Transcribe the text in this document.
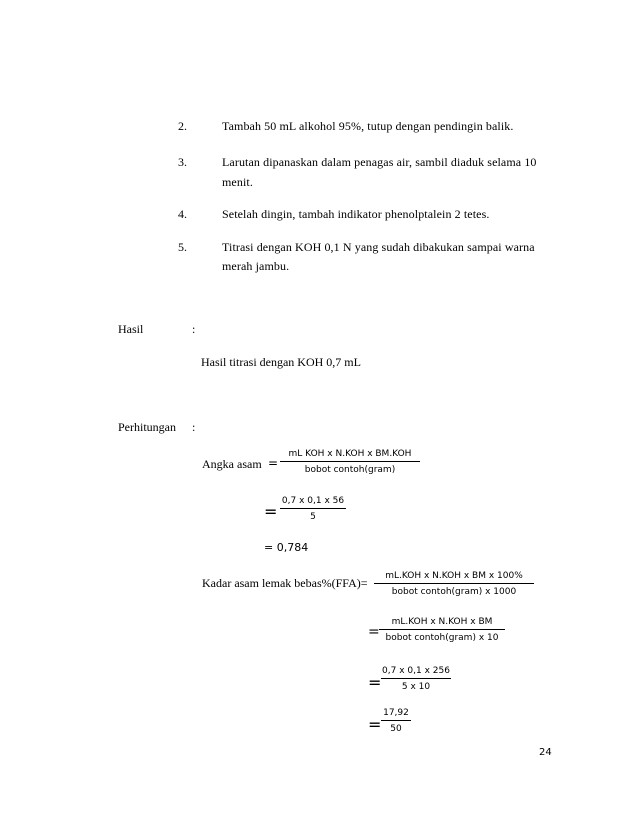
2.	Tambah 50 mL alkohol 95%, tutup dengan pendingin balik.
3.	Larutan dipanaskan dalam penagas air, sambil diaduk selama 10
menit.
4.	Setelah dingin, tambah indikator phenolptalein 2 tetes.
5.	Titrasi dengan KOH 0,1 N yang sudah dibakukan sampai warna
merah jambu.
Hasil	:
Hasil titrasi dengan KOH 0,7 mL
Perhitungan :
Angka asam =
mL KOH x N.KOH x BM.KOH
bobot contoh(gram)
=
0,7 x 0,1 x 56
5
= 0,784
Kadar asam lemak bebas%(FFA)=	mL.KOH x N.KOH x BM x 100%
bobot contoh(gram) x 1000
=
mL.KOH x N.KOH x BM
bobot contoh(gram) x 10
=
0,7 x 0,1 x 256
5 x 10
=
17,92
50
24
